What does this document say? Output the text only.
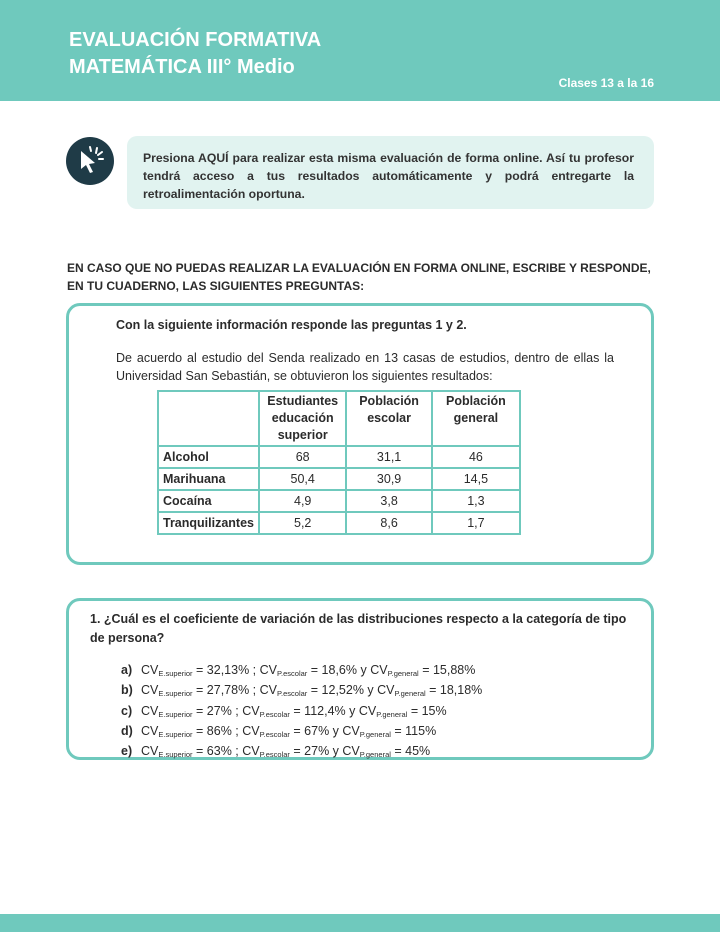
EVALUACIÓN FORMATIVA
MATEMÁTICA III° Medio
Clases 13 a la 16

Presiona AQUÍ para realizar esta misma evaluación de forma online. Así tu profesor tendrá acceso a tus resultados automáticamente y podrá entregarte la retroalimentación oportuna.

EN CASO QUE NO PUEDAS REALIZAR LA EVALUACIÓN EN FORMA ONLINE, ESCRIBE Y RESPONDE, EN TU CUADERNO, LAS SIGUIENTES PREGUNTAS:

Con la siguiente información responde las preguntas 1 y 2.

De acuerdo al estudio del Senda realizado en 13 casas de estudios, dentro de ellas la Universidad San Sebastián, se obtuvieron los siguientes resultados:

	Estudiantes educación superior	Población escolar	Población general
Alcohol	68	31,1	46
Marihuana	50,4	30,9	14,5
Cocaína	4,9	3,8	1,3
Tranquilizantes	5,2	8,6	1,7

1. ¿Cuál es el coeficiente de variación de las distribuciones respecto a la categoría de tipo de persona?

a) $CV_{E.superior} = 32,13\%$ ; $CV_{P.escolar} = 18,6\%$ y $CV_{P.general} = 15,88\%$
b) $CV_{E.superior} = 27,78\%$ ; $CV_{P.escolar} = 12,52\%$ y $CV_{P.general} = 18,18\%$
c) $CV_{E.superior} = 27\%$ ; $CV_{P.escolar} = 112,4\%$ y $CV_{P.general} = 15\%$
d) $CV_{E.superior} = 86\%$ ; $CV_{P.escolar} = 67\%$ y $CV_{P.general} = 115\%$
e) $CV_{E.superior} = 63\%$ ; $CV_{P.escolar} = 27\%$ y $CV_{P.general} = 45\%$
